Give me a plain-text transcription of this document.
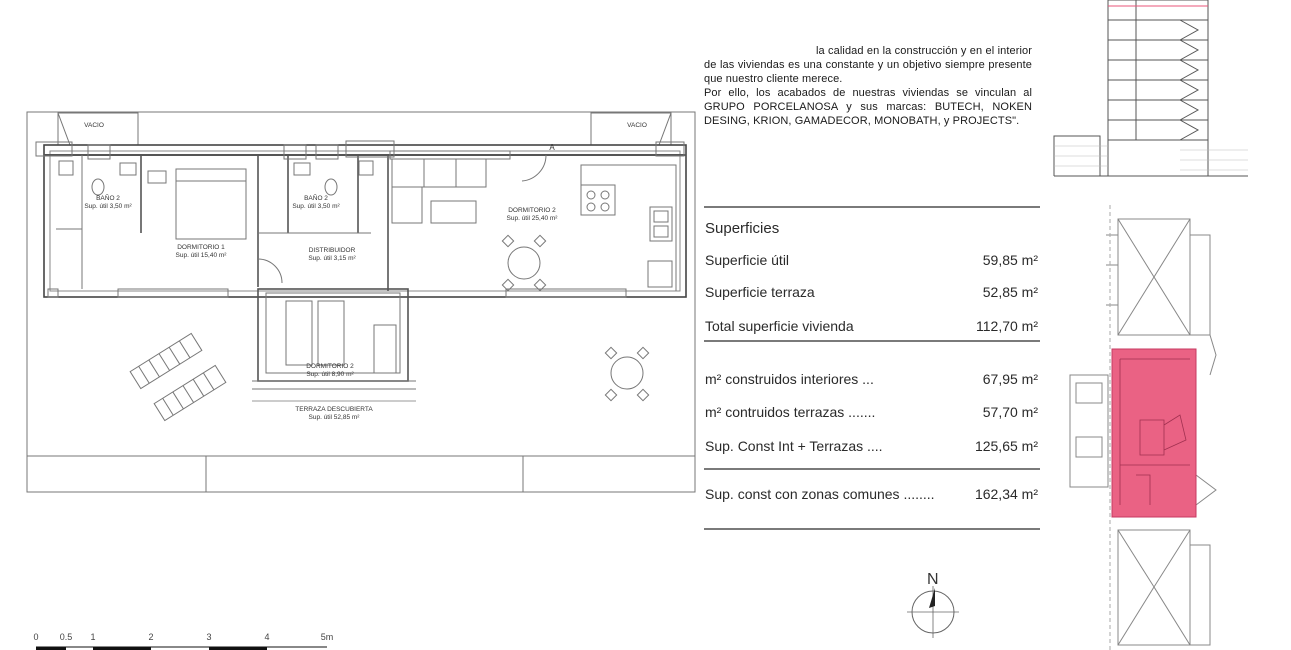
la calidad en la construcción y en el interior de las viviendas es una constante y un objetivo siempre presente que nuestro cliente merece.

Por ello, los acabados de nuestras viviendas se vinculan al GRUPO PORCELANOSA y sus marcas: BUTECH, NOKEN DESING, KRION, GAMADECOR, MONOBATH, y PROJECTS".

Superficies
Superficie útil	59,85 m²
Superficie terraza	52,85 m²
Total superficie vivienda	112,70 m²
m² construidos interiores ...	67,95 m²
m² contruidos terrazas .......	57,70 m²
Sup. Const Int + Terrazas ....	125,65 m²
Sup. const con zonas comunes ........	162,34 m²
VACIO	VACIO
A
BAÑO 2
Sup. útil 3,50 m²
DORMITORIO 1
Sup. útil 15,40 m²
BAÑO 2
Sup. útil 3,50 m²
DISTRIBUIDOR
Sup. útil 3,15 m²
DORMITORIO 2
Sup. útil 25,40 m²
DORMITORIO 2
Sup. útil 8,90 m²
TERRAZA DESCUBIERTA
Sup. útil 52,85 m²
N
0 0.5 1	2	3	4	5m
